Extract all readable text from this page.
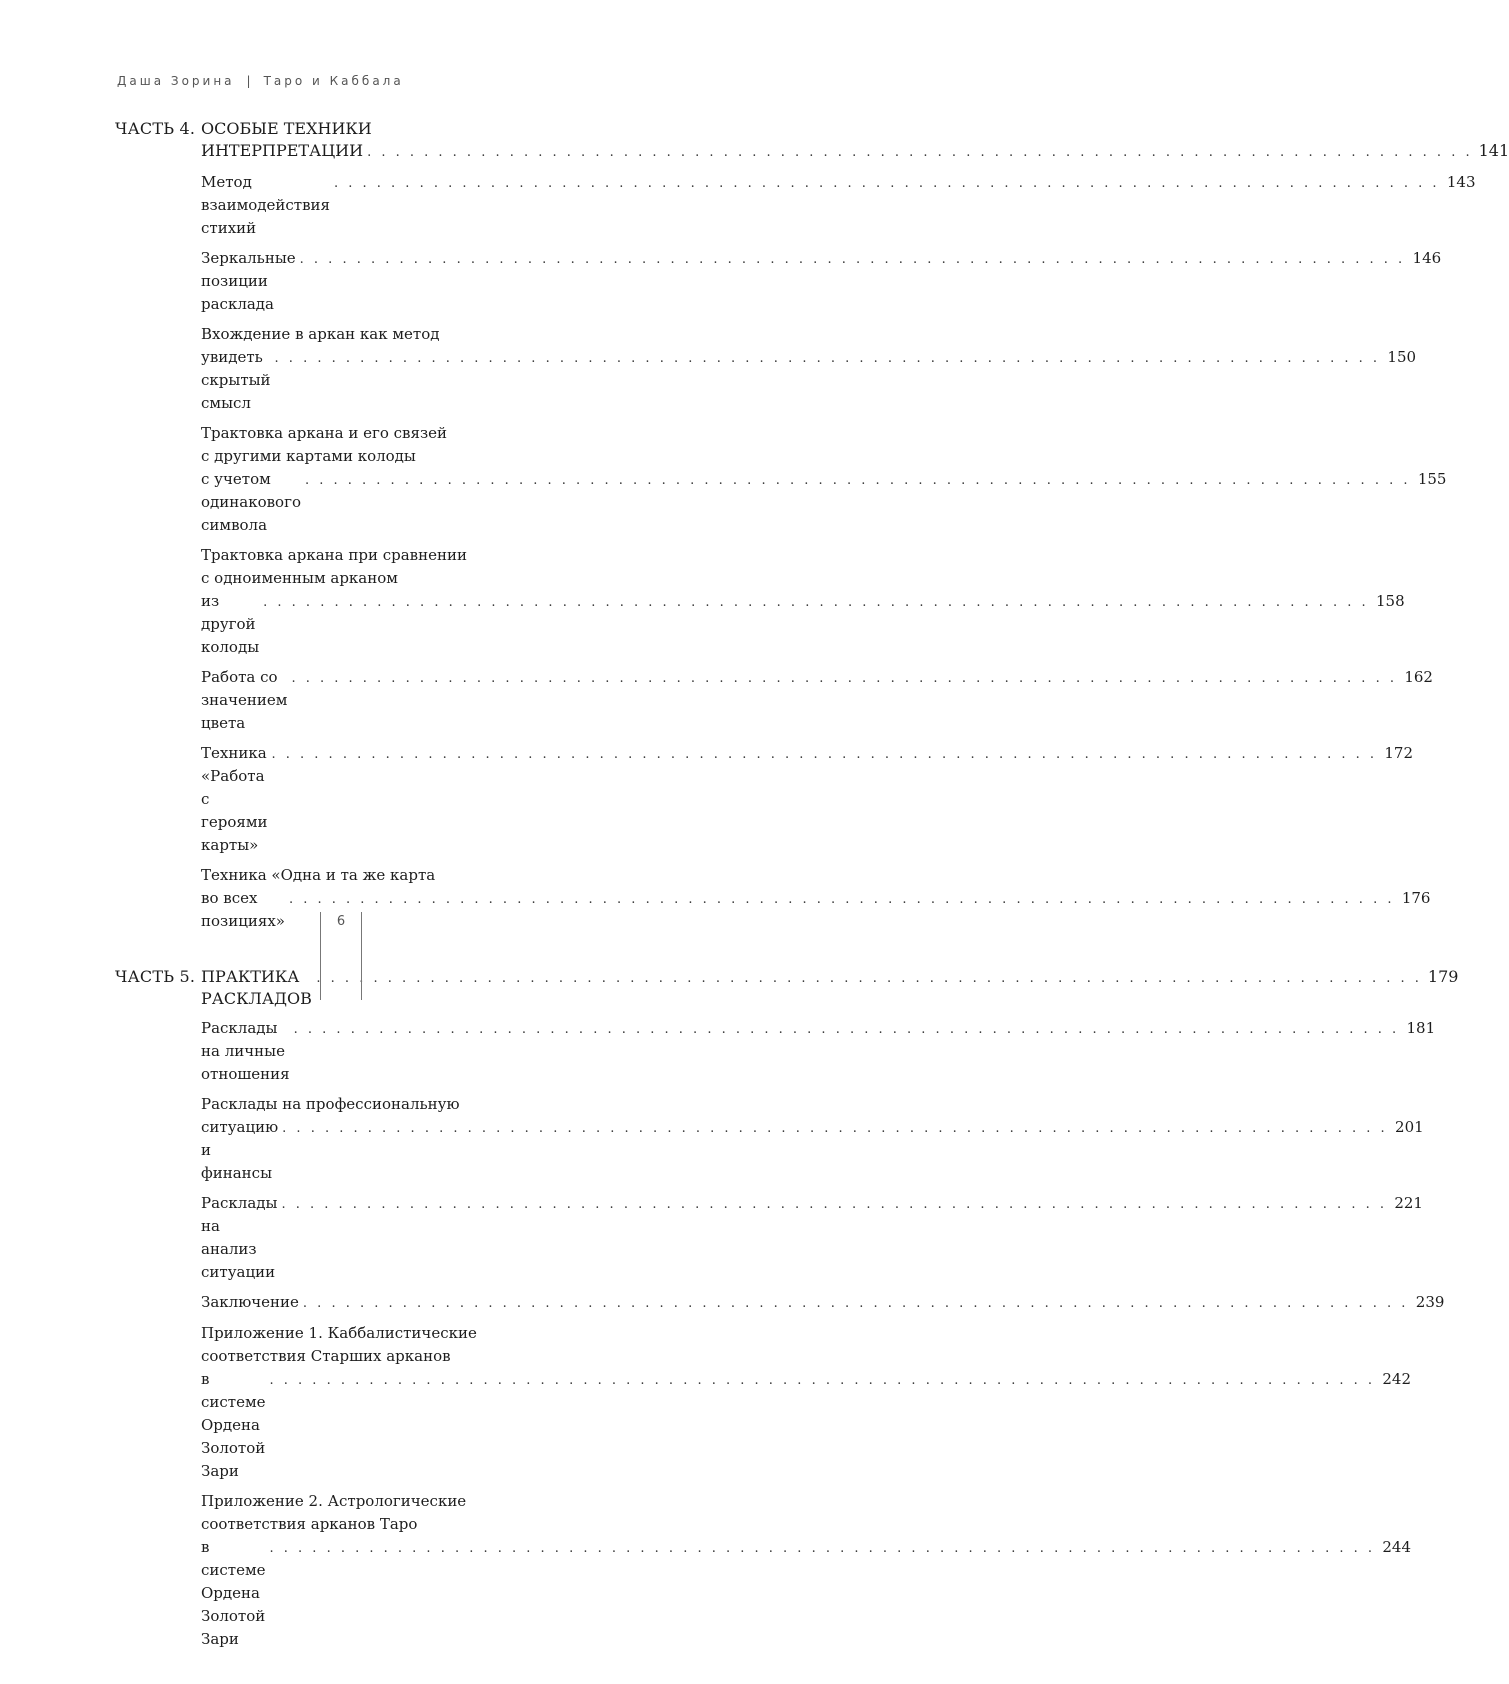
Даша Зорина | Таро и Каббала
ЧАСТЬ 4. ОСОБЫЕ ТЕХНИКИ
ИНТЕРПРЕТАЦИИ . . .	141
Метод взаимодействия стихий
. . .
143
Зеркальные позиции расклада
. . .
146
Вхождение в аркан как метод
увидеть скрытый смысл
. . .
150
Трактовка аркана и его связей
с другими картами колоды
с учетом одинакового символа
. . .
155
Трактовка аркана при сравнении
с одноименным арканом
из другой колоды
. . .
158
Работа со значением цвета
. . .
162
Техника «Работа с героями карты»
. . .
172
Техника «Одна и та же карта
во всех позициях»
. . .
176
ЧАСТЬ 5. ПРАКТИКА РАСКЛАДОВ
. . .
179
Расклады на личные отношения
. . .
181
Расклады на профессиональную
ситуацию и финансы
. . .
201
Расклады на анализ ситуации
. . .
221
Заключение . . .	239
Приложение 1. Каббалистические
соответствия Старших арканов
в системе Ордена Золотой Зари
. . .
242
Приложение 2. Астрологические
соответствия арканов Таро
в системе Ордена Золотой Зари
. . .
244
6
